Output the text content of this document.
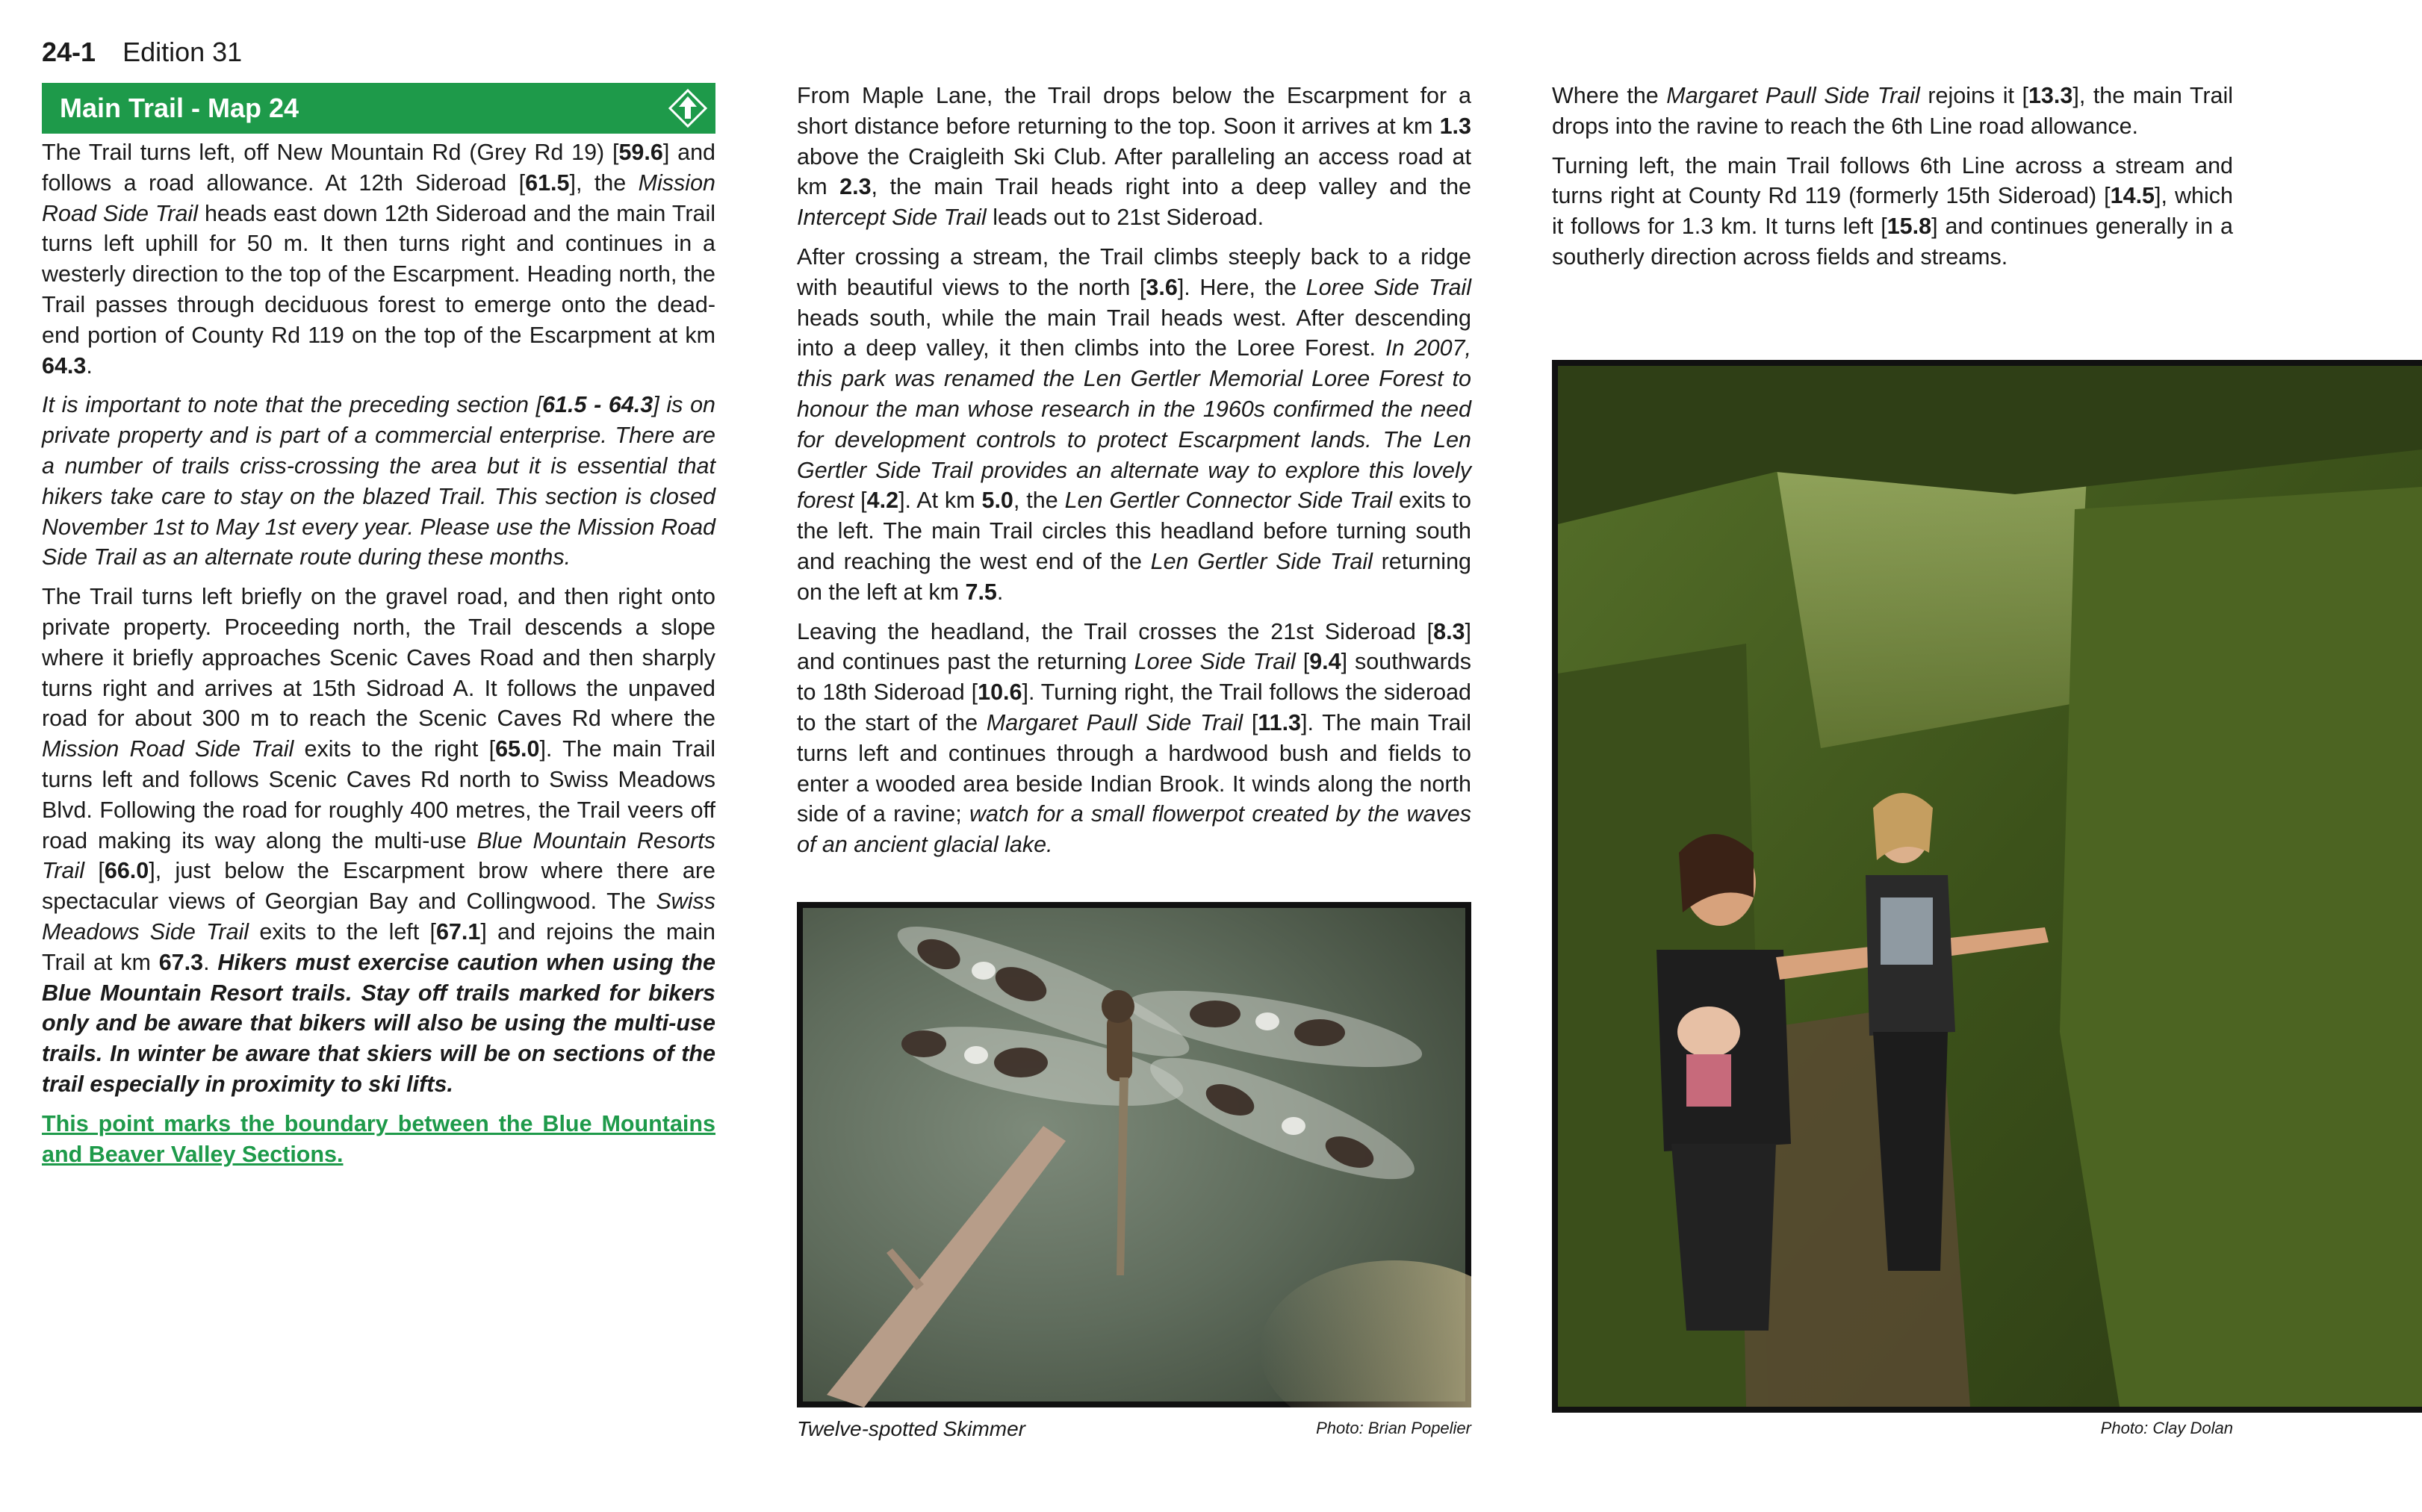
24-1 Edition 31
Main Trail - Map 24

The Trail turns left, off New Mountain Rd (Grey Rd 19) [59.6] and follows a road allowance. At 12th Sideroad [61.5], the Mission Road Side Trail heads east down 12th Sideroad and the main Trail turns left uphill for 50 m. It then turns right and continues in a westerly direction to the top of the Escarpment. Heading north, the Trail passes through deciduous forest to emerge onto the dead-end portion of County Rd 119 on the top of the Escarpment at km 64.3.

It is important to note that the preceding section [61.5 - 64.3] is on private property and is part of a commercial enterprise. There are a number of trails criss-crossing the area but it is essential that hikers take care to stay on the blazed Trail. This section is closed November 1st to May 1st every year. Please use the Mission Road Side Trail as an alternate route during these months.

The Trail turns left briefly on the gravel road, and then right onto private property. Proceeding north, the Trail descends a slope where it briefly approaches Scenic Caves Road and then sharply turns right and arrives at 15th Sidroad A. It follows the unpaved road for about 300 m to reach the Scenic Caves Rd where the Mission Road Side Trail exits to the right [65.0]. The main Trail turns left and follows Scenic Caves Rd north to Swiss Meadows Blvd. Following the road for roughly 400 metres, the Trail veers off road making its way along the multi-use Blue Mountain Resorts Trail [66.0], just below the Escarpment brow where there are spectacular views of Georgian Bay and Collingwood. The Swiss Meadows Side Trail exits to the left [67.1] and rejoins the main Trail at km 67.3. Hikers must exercise caution when using the Blue Mountain Resort trails. Stay off trails marked for bikers only and be aware that bikers will also be using the multi-use trails. In winter be aware that skiers will be on sections of the trail especially in proximity to ski lifts.

This point marks the boundary between the Blue Mountains and Beaver Valley Sections.

From Maple Lane, the Trail drops below the Escarpment for a short distance before returning to the top. Soon it arrives at km 1.3 above the Craigleith Ski Club. After paralleling an access road at km 2.3, the main Trail heads right into a deep valley and the Intercept Side Trail leads out to 21st Sideroad.

After crossing a stream, the Trail climbs steeply back to a ridge with beautiful views to the north [3.6]. Here, the Loree Side Trail heads south, while the main Trail heads west. After descending into a deep valley, it then climbs into the Loree Forest. In 2007, this park was renamed the Len Gertler Memorial Loree Forest to honour the man whose research in the 1960s confirmed the need for development controls to protect Escarpment lands. The Len Gertler Side Trail provides an alternate way to explore this lovely forest [4.2]. At km 5.0, the Len Gertler Connector Side Trail exits to the left. The main Trail circles this headland before turning south and reaching the west end of the Len Gertler Side Trail returning on the left at km 7.5.

Leaving the headland, the Trail crosses the 21st Sideroad [8.3] and continues past the returning Loree Side Trail [9.4] southwards to 18th Sideroad [10.6]. Turning right, the Trail follows the sideroad to the start of the Margaret Paull Side Trail [11.3]. The main Trail turns left and continues through a hardwood bush and fields to enter a wooded area beside Indian Brook. It winds along the north side of a ravine; watch for a small flowerpot created by the waves of an ancient glacial lake.

Where the Margaret Paull Side Trail rejoins it [13.3], the main Trail drops into the ravine to reach the 6th Line road allowance.

Turning left, the main Trail follows 6th Line across a stream and turns right at County Rd 119 (formerly 15th Sideroad) [14.5], which it follows for 1.3 km. It turns left [15.8] and continues generally in a southerly direction across fields and streams.

Twelve-spotted Skimmer	Photo: Brian Popelier	Photo: Clay Dolan
